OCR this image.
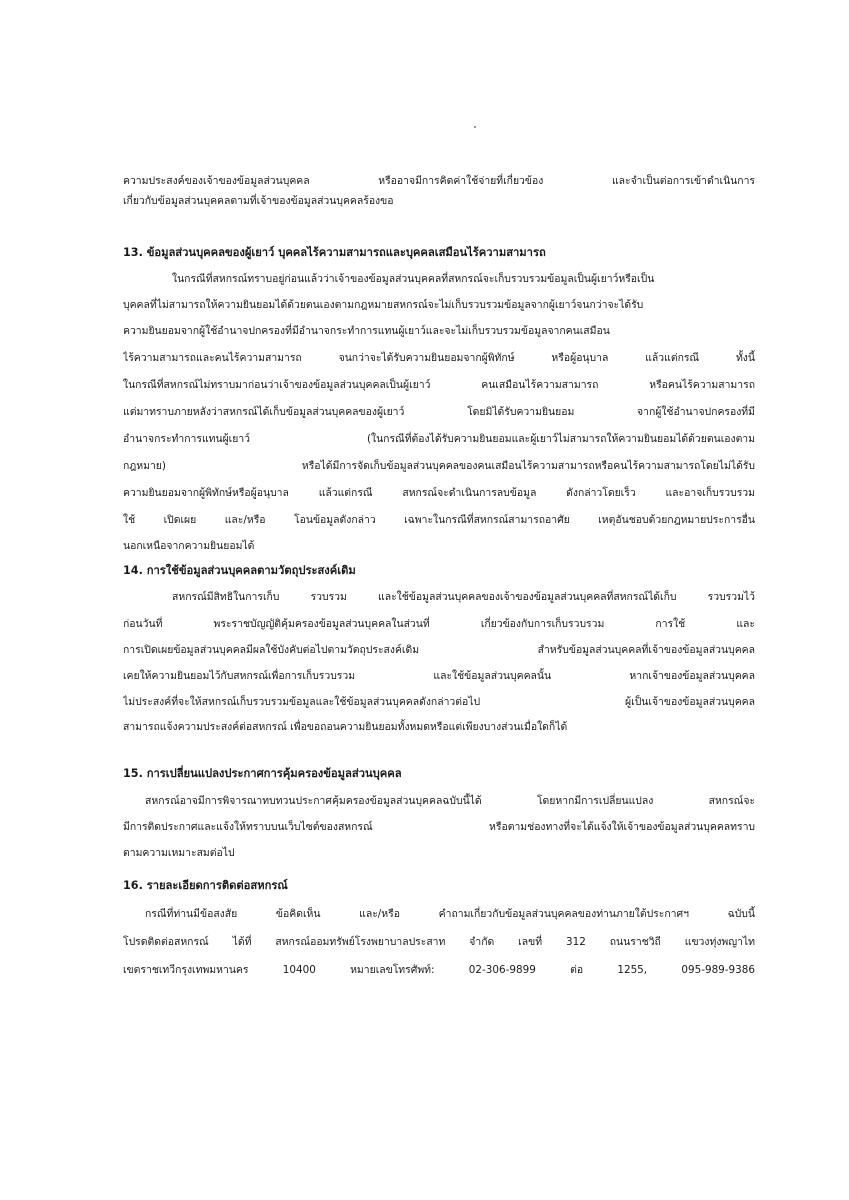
ความประสงค์ของเจ้าของข้อมูลส่วนบุคคล หรืออาจมีการคิดค่าใช้จ่ายที่เกี่ยวข้อง และจำเป็นต่อการเข้าดำเนินการ
เกี่ยวกับข้อมูลส่วนบุคคลตามที่เจ้าของข้อมูลส่วนบุคคลร้องขอ
13. ข้อมูลส่วนบุคคลของผู้เยาว์ บุคคลไร้ความสามารถและบุคคลเสมือนไร้ความสามารถ
ในกรณีที่สหกรณ์ทราบอยู่ก่อนแล้วว่าเจ้าของข้อมูลส่วนบุคคลที่สหกรณ์จะเก็บรวบรวมข้อมูลเป็นผู้เยาว์หรือเป็น
บุคคลที่ไม่สามารถให้ความยินยอมได้ด้วยตนเองตามกฎหมายสหกรณ์จะไม่เก็บรวบรวมข้อมูลจากผู้เยาว์จนกว่าจะได้รับ
ความยินยอมจากผู้ใช้อำนาจปกครองที่มีอำนาจกระทำการแทนผู้เยาว์และจะไม่เก็บรวบรวมข้อมูลจากคนเสมือน
ไร้ความสามารถและคนไร้ความสามารถ จนกว่าจะได้รับความยินยอมจากผู้พิทักษ์ หรือผู้อนุบาล แล้วแต่กรณี ทั้งนี้
ในกรณีที่สหกรณ์ไม่ทราบมาก่อนว่าเจ้าของข้อมูลส่วนบุคคลเป็นผู้เยาว์ คนเสมือนไร้ความสามารถ หรือคนไร้ความสามารถ
แต่มาทราบภายหลังว่าสหกรณ์ได้เก็บข้อมูลส่วนบุคคลของผู้เยาว์ โดยมิได้รับความยินยอม จากผู้ใช้อำนาจปกครองที่มี
อำนาจกระทำการแทนผู้เยาว์ (ในกรณีที่ต้องได้รับความยินยอมและผู้เยาว์ไม่สามารถให้ความยินยอมได้ด้วยตนเองตาม
กฎหมาย) หรือได้มีการจัดเก็บข้อมูลส่วนบุคคลของคนเสมือนไร้ความสามารถหรือคนไร้ความสามารถโดยไม่ได้รับ
ความยินยอมจากผู้พิทักษ์หรือผู้อนุบาล แล้วแต่กรณี สหกรณ์จะดำเนินการลบข้อมูล ดังกล่าวโดยเร็ว และอาจเก็บรวบรวม
ใช้ เปิดเผย และ/หรือ โอนข้อมูลดังกล่าว เฉพาะในกรณีที่สหกรณ์สามารถอาศัย เหตุอันชอบด้วยกฎหมายประการอื่น
นอกเหนือจากความยินยอมได้
14. การใช้ข้อมูลส่วนบุคคลตามวัตถุประสงค์เดิม
สหกรณ์มีสิทธิในการเก็บ รวบรวม และใช้ข้อมูลส่วนบุคคลของเจ้าของข้อมูลส่วนบุคคลที่สหกรณ์ได้เก็บ รวบรวมไว้
ก่อนวันที่ พระราชบัญญัติคุ้มครองข้อมูลส่วนบุคคลในส่วนที่ เกี่ยวข้องกับการเก็บรวบรวม การใช้ และ
การเปิดเผยข้อมูลส่วนบุคคลมีผลใช้บังคับต่อไปตามวัตถุประสงค์เดิม สำหรับข้อมูลส่วนบุคคลที่เจ้าของข้อมูลส่วนบุคคล
เคยให้ความยินยอมไว้กับสหกรณ์เพื่อการเก็บรวบรวม และใช้ข้อมูลส่วนบุคคลนั้น หากเจ้าของข้อมูลส่วนบุคคล
ไม่ประสงค์ที่จะให้สหกรณ์เก็บรวบรวมข้อมูลและใช้ข้อมูลส่วนบุคคลดังกล่าวต่อไป ผู้เป็นเจ้าของข้อมูลส่วนบุคคล
สามารถแจ้งความประสงค์ต่อสหกรณ์ เพื่อขอถอนความยินยอมทั้งหมดหรือแต่เพียงบางส่วนเมื่อใดก็ได้
15. การเปลี่ยนแปลงประกาศการคุ้มครองข้อมูลส่วนบุคคล
สหกรณ์อาจมีการพิจารณาทบทวนประกาศคุ้มครองข้อมูลส่วนบุคคลฉบับนี้ได้ โดยหากมีการเปลี่ยนแปลง สหกรณ์จะ
มีการติดประกาศและแจ้งให้ทราบบนเว็บไซต์ของสหกรณ์ หรือตามช่องทางที่จะได้แจ้งให้เจ้าของข้อมูลส่วนบุคคลทราบ
ตามความเหมาะสมต่อไป
16. รายละเอียดการติดต่อสหกรณ์
กรณีที่ท่านมีข้อสงสัย ข้อคิดเห็น และ/หรือ คำถามเกี่ยวกับข้อมูลส่วนบุคคลของท่านภายใต้ประกาศฯ ฉบับนี้
โปรดติดต่อสหกรณ์ ได้ที่ สหกรณ์ออมทรัพย์โรงพยาบาลประสาท จำกัด เลขที่ 312 ถนนราชวิถี แขวงทุ่งพญาไท
เขตราชเทวีกรุงเทพมหานคร 10400 หมายเลขโทรศัพท์: 02-306-9899 ต่อ 1255, 095-989-9386
